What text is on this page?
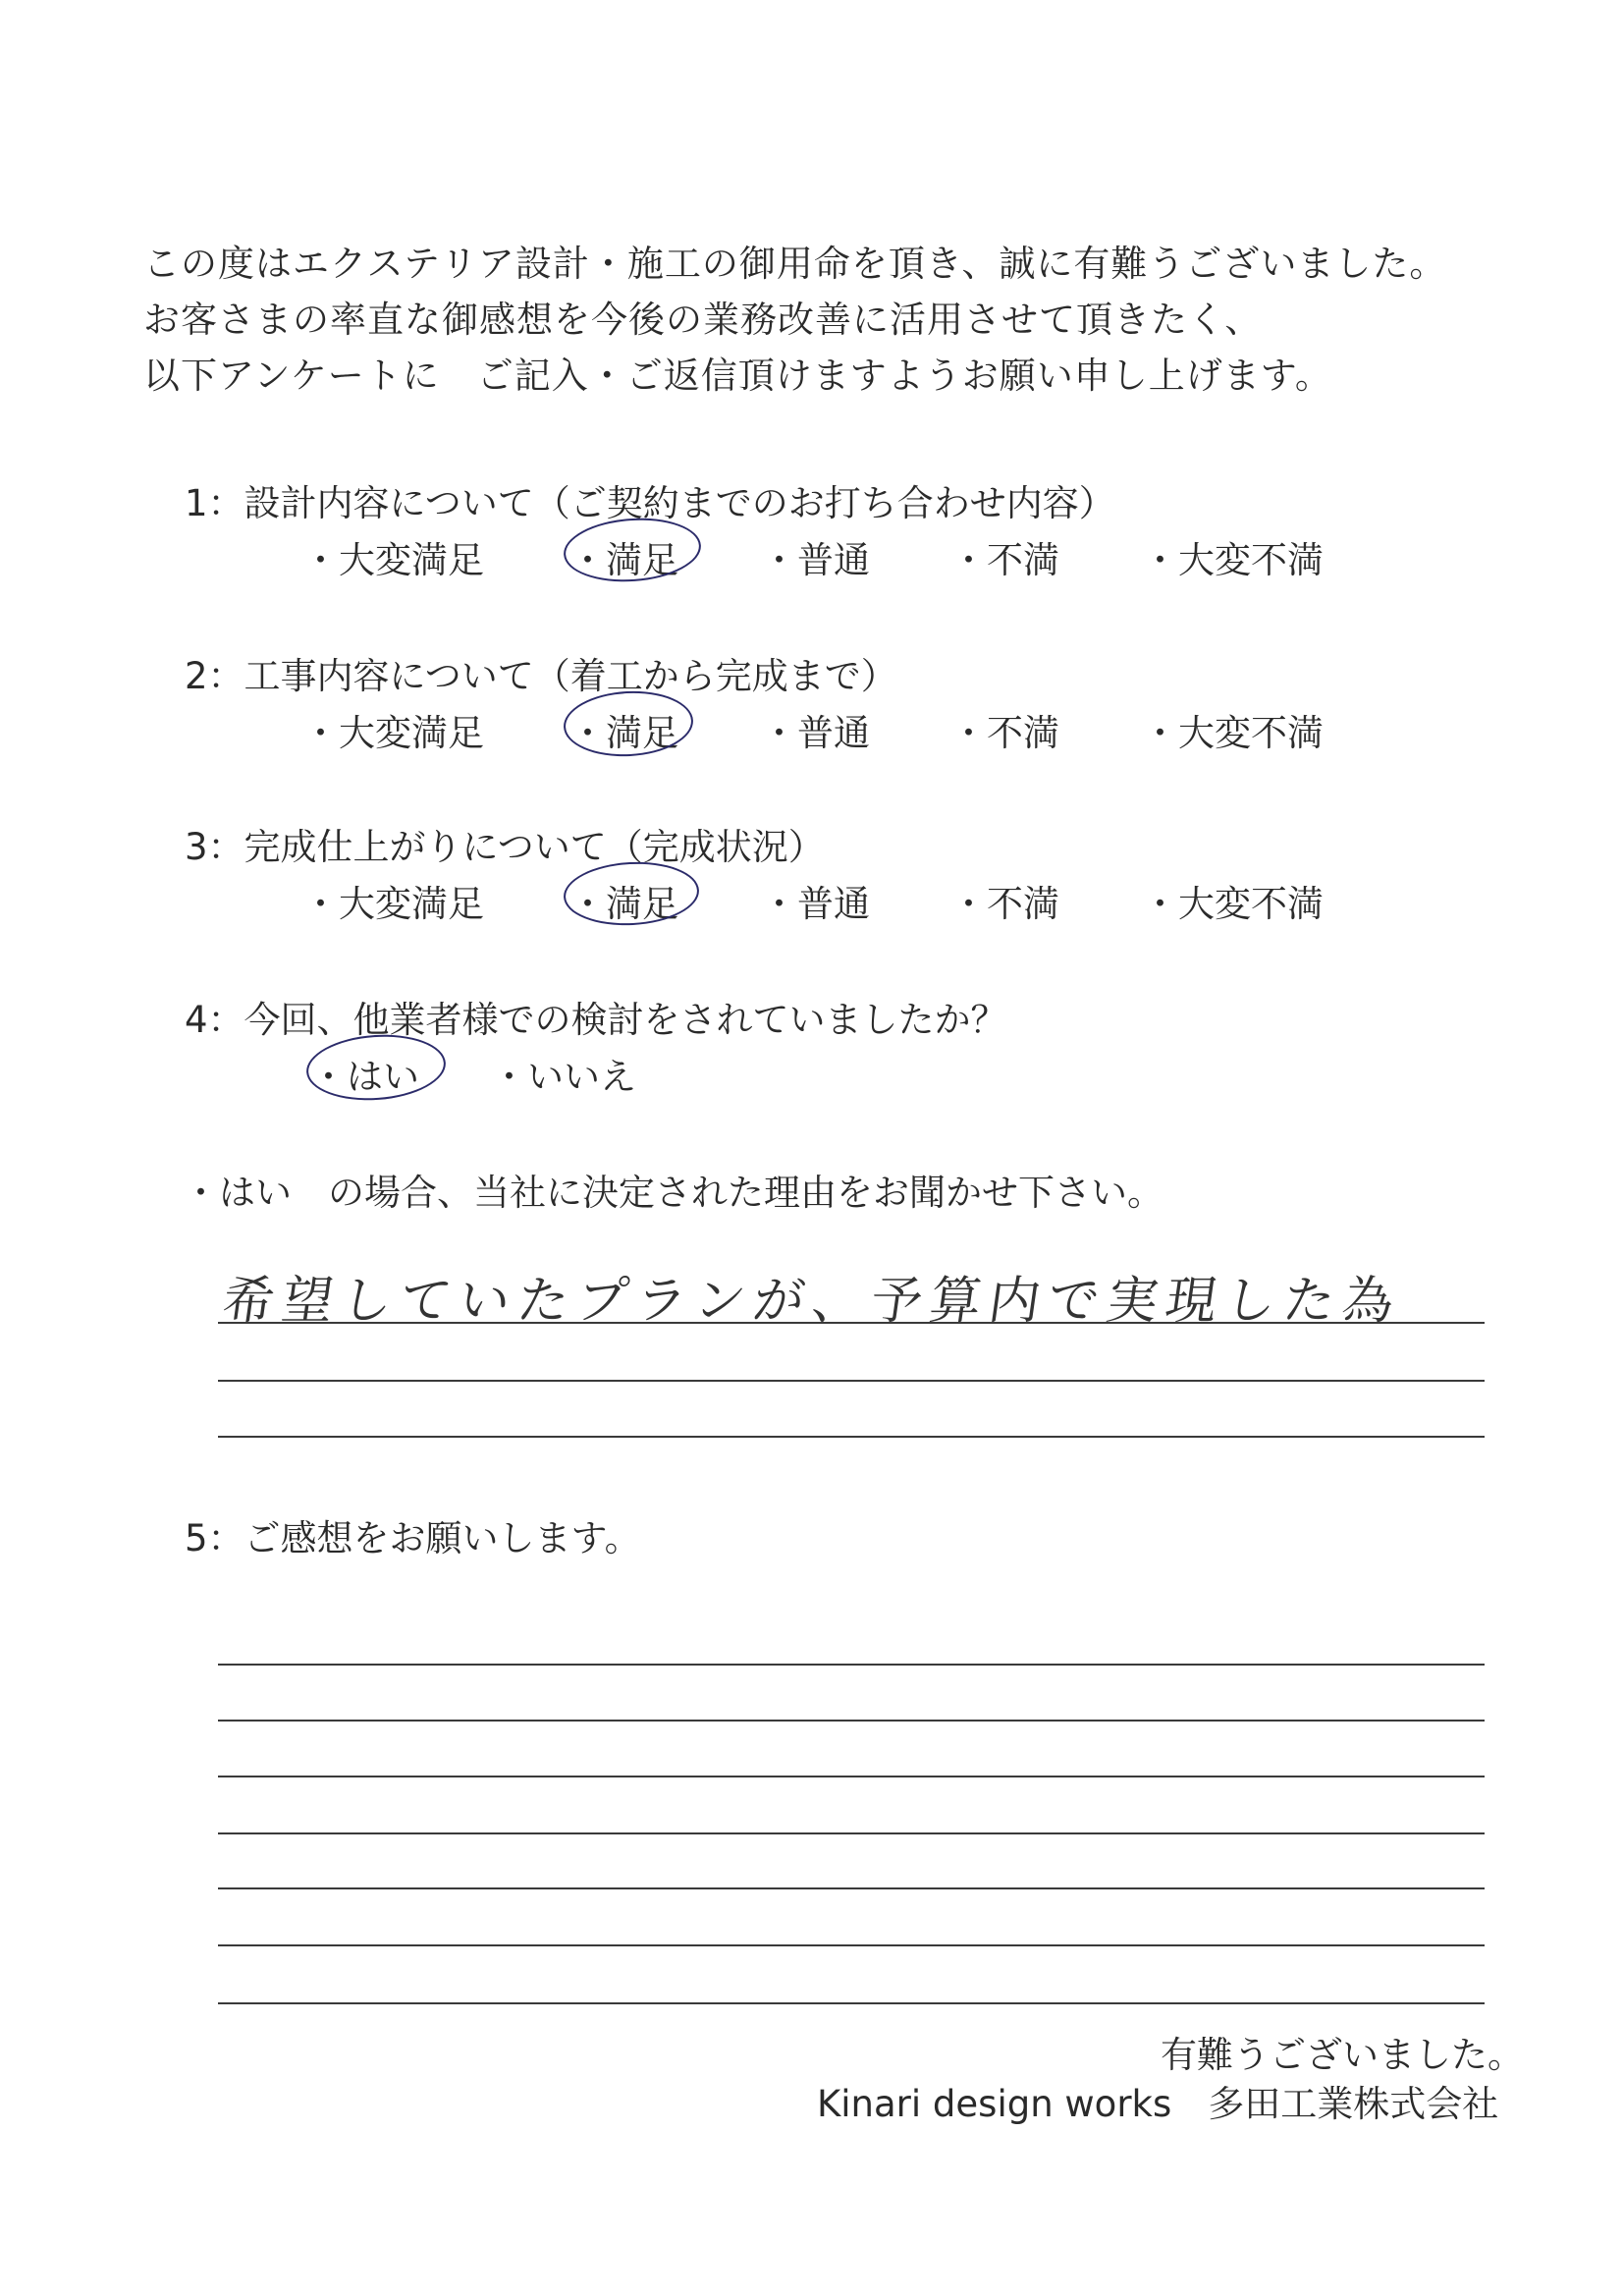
この度はエクステリア設計・施工の御用命を頂き、誠に有難うございました。
お客さまの率直な御感想を今後の業務改善に活用させて頂きたく、
以下アンケートに　ご記入・ご返信頂けますようお願い申し上げます。
1：設計内容について（ご契約までのお打ち合わせ内容）
・大変満足 ・満足 ・普通 ・不満 ・大変不満
2：工事内容について（着工から完成まで）
・大変満足 ・満足 ・普通 ・不満 ・大変不満
3：完成仕上がりについて（完成状況）
・大変満足 ・満足 ・普通 ・不満 ・大変不満
4：今回、他業者様での検討をされていましたか？
・はい ・いいえ
・はい　の場合、当社に決定された理由をお聞かせ下さい。
希望していたプランが、予算内で実現した為
5：ご感想をお願いします。
有難うございました。
Kinari design works　多田工業株式会社
